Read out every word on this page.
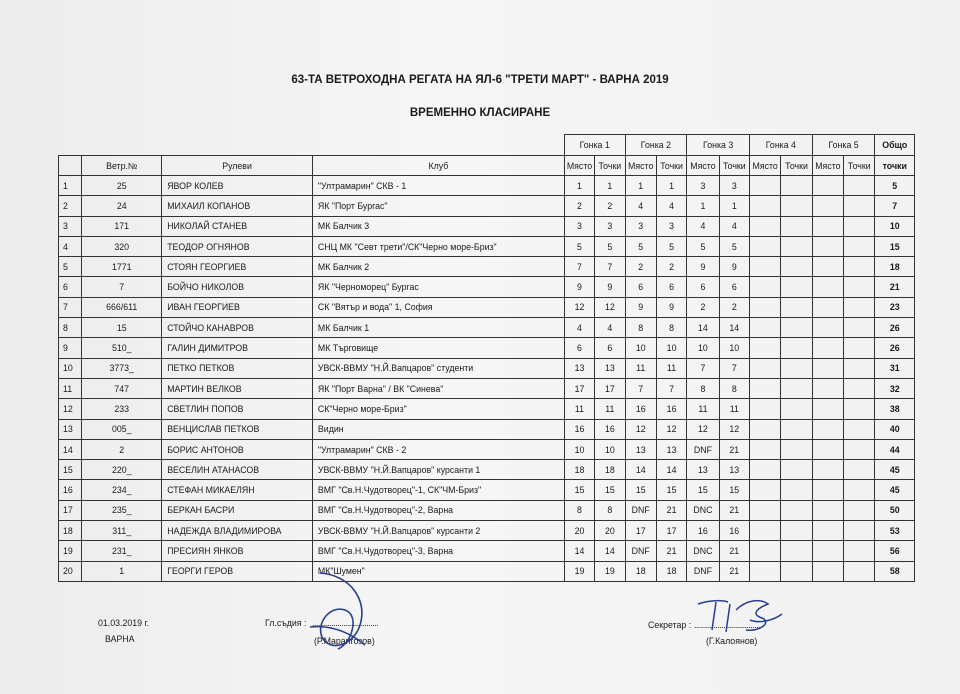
63-ТА ВЕТРОХОДНА РЕГАТА НА ЯЛ-6 "ТРЕТИ МАРТ" - ВАРНА 2019
ВРЕМЕННО КЛАСИРАНЕ
				Гонка 1		Гонка 2		Гонка 3		Гонка 4		Гонка 5		Общо
	Ветр.№	Рулеви	Клуб	Място	Точки	Място	Точки	Място	Точки	Място	Точки	Място	Точки	точки
1	25	ЯВОР КОЛЕВ	"Ултрамарин" СКВ - 1	1	1	1	1	3	3					5
2	24	МИХАИЛ КОПАНОВ	ЯК "Порт Бургас"	2	2	4	4	1	1					7
3	171	НИКОЛАЙ СТАНЕВ	МК Балчик 3	3	3	3	3	4	4					10
4	320	ТЕОДОР ОГНЯНОВ	СНЦ МК "Севт трети"/СК"Черно море-Бриз"	5	5	5	5	5	5					15
5	1771	СТОЯН ГЕОРГИЕВ	МК Балчик 2	7	7	2	2	9	9					18
6	7	БОЙЧО НИКОЛОВ	ЯК "Черноморец" Бургас	9	9	6	6	6	6					21
7	666/611	ИВАН ГЕОРГИЕВ	СК "Вятър и вода" 1, София	12	12	9	9	2	2					23
8	15	СТОЙЧО КАНАВРОВ	МК Балчик 1	4	4	8	8	14	14					26
9	510_	ГАЛИН ДИМИТРОВ	МК Търговище	6	6	10	10	10	10					26
10	3773_	ПЕТКО ПЕТКОВ	УВСК-ВВМУ "Н.Й.Вапцаров" студенти	13	13	11	11	7	7					31
11	747	МАРТИН ВЕЛКОВ	ЯК "Порт Варна" / ВК "Синева"	17	17	7	7	8	8					32
12	233	СВЕТЛИН ПОПОВ	СК"Черно море-Бриз"	11	11	16	16	11	11					38
13	005_	ВЕНЦИСЛАВ ПЕТКОВ	Видин	16	16	12	12	12	12					40
14	2	БОРИС АНТОНОВ	"Ултрамарин" СКВ - 2	10	10	13	13	DNF	21					44
15	220_	ВЕСЕЛИН АТАНАСОВ	УВСК-ВВМУ "Н.Й.Вапцаров" курсанти 1	18	18	14	14	13	13					45
16	234_	СТЕФАН МИКАЕЛЯН	ВМГ "Св.Н.Чудотворец"-1, СК"ЧМ-Бриз"	15	15	15	15	15	15					45
17	235_	БЕРКАН БАСРИ	ВМГ "Св.Н.Чудотворец"-2, Варна	8	8	DNF	21	DNC	21					50
18	311_	НАДЕЖДА ВЛАДИМИРОВА	УВСК-ВВМУ "Н.Й.Вапцаров" курсанти 2	20	20	17	17	16	16					53
19	231_	ПРЕСИЯН ЯНКОВ	ВМГ "Св.Н.Чудотворец"-3, Варна	14	14	DNF	21	DNC	21					56
20	1	ГЕОРГИ ГЕРОВ	МК"Шумен"	19	19	18	18	DNF	21					58
01.03.2019 г.
ВАРНА
Гл.съдия : ..................................
(Р.Марангозов)
Секретар : ..................................
(Г.Калоянов)
